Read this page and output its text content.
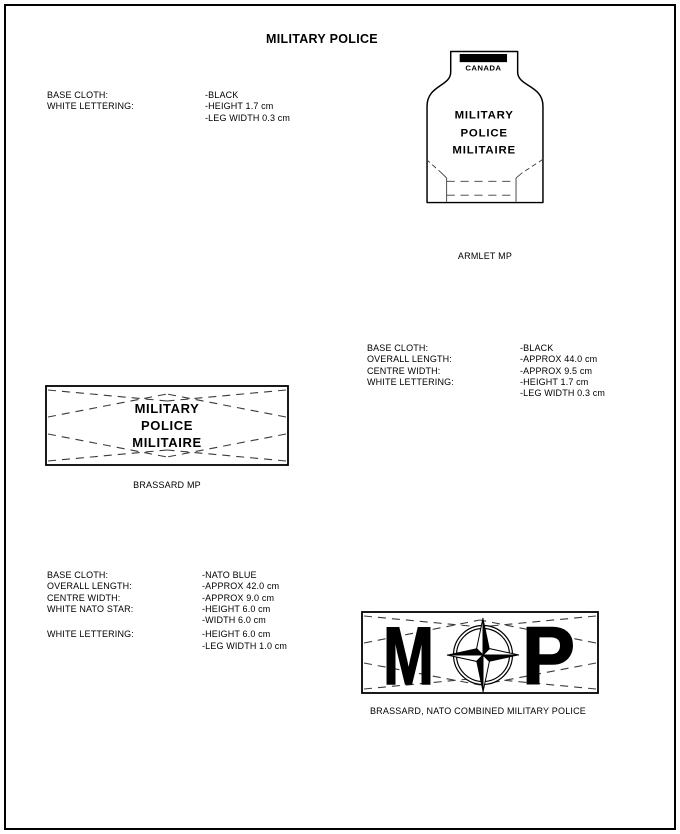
MILITARY POLICE
BASE CLOTH:	-BLACK
WHITE LETTERING:	-HEIGHT 1.7 cm
-LEG WIDTH 0.3 cm
BASE CLOTH:	-BLACK
OVERALL LENGTH:	-APPROX 44.0 cm
CENTRE WIDTH:	-APPROX 9.5 cm
WHITE LETTERING:	-HEIGHT 1.7 cm
-LEG WIDTH 0.3 cm
BASE CLOTH:	-NATO BLUE
OVERALL LENGTH:	-APPROX 42.0 cm
CENTRE WIDTH:	-APPROX 9.0 cm
WHITE NATO STAR:	-HEIGHT 6.0 cm
-WIDTH 6.0 cm
WHITE LETTERING:	-HEIGHT 6.0 cm
-LEG WIDTH 1.0 cm
CANADA
MILITARY
POLICE
MILITAIRE
ARMLET MP
MILITARY
POLICE
MILITAIRE
BRASSARD MP
M P
BRASSARD, NATO COMBINED MILITARY POLICE
